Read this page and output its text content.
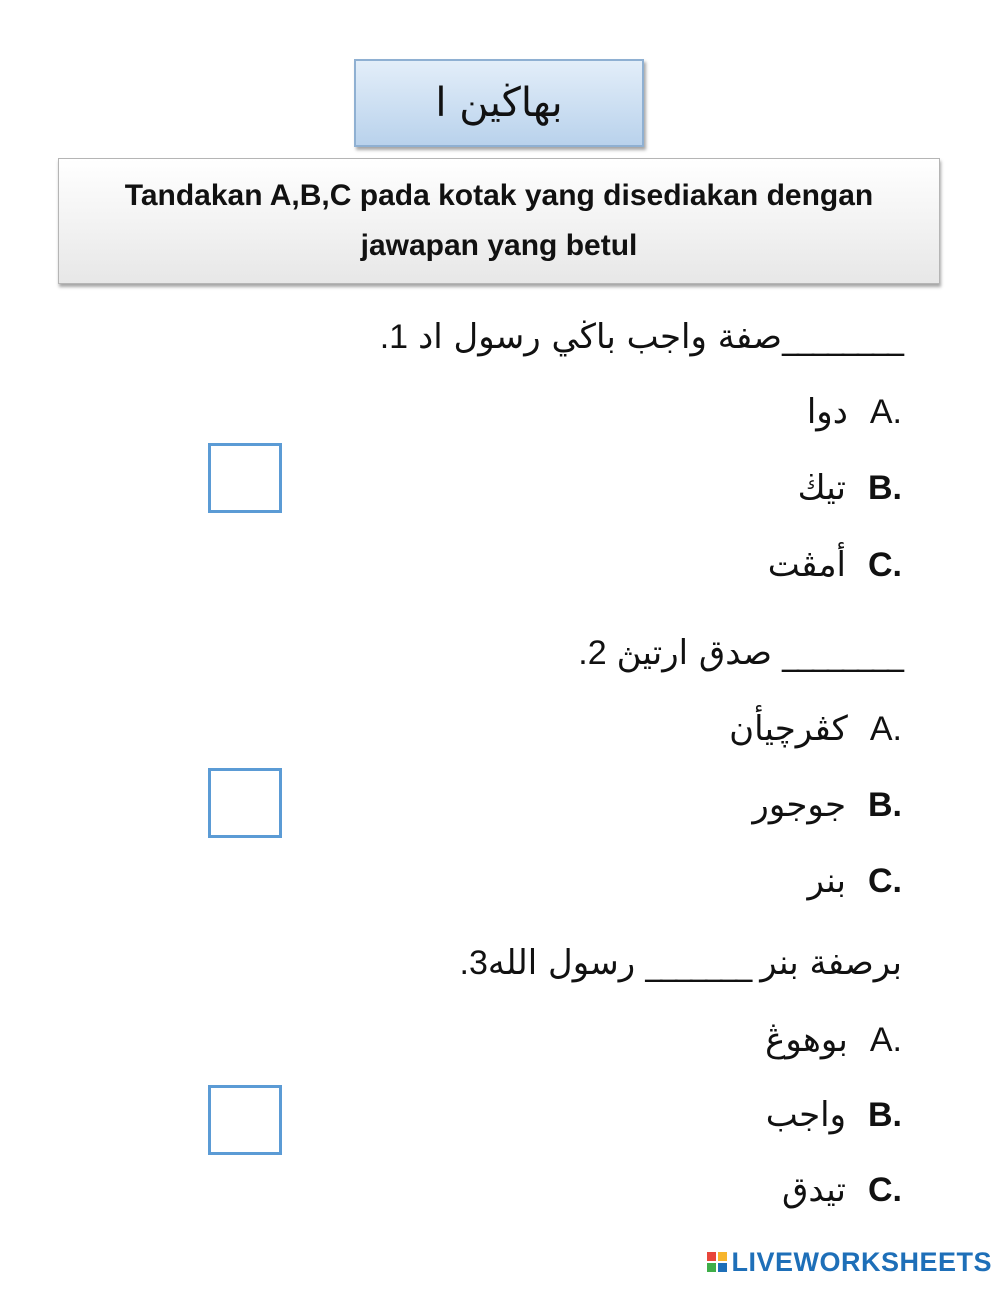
بهاڬين ا
Tandakan A,B,C pada kotak yang disediakan dengan jawapan yang betul
________
صفة واجب باڬي رسول اد
1.
دوا A.
تيڬ B.
أمڤت C.
________
صدق ارتيڽ
2.
كڤرچيأن A.
جوجور B.
بنر C.
برصفة بنر
_______
رسول الله
3.
بوهوڠ A.
واجب B.
تيدق C.
LIVEWORKSHEETS
